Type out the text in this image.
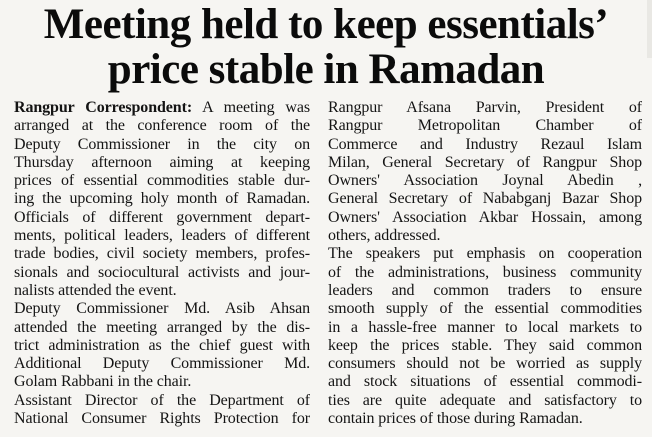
Meeting held to keep essentials’
price stable in Ramadan
Rangpur Correspondent: A meeting was
arranged at the conference room of the
Deputy Commissioner in the city on
Thursday afternoon aiming at keeping
prices of essential commodities stable dur-
ing the upcoming holy month of Ramadan.
Officials of different government depart-
ments, political leaders, leaders of different
trade bodies, civil society members, profes-
sionals and sociocultural activists and jour-
nalists attended the event.
Deputy Commissioner Md. Asib Ahsan
attended the meeting arranged by the dis-
trict administration as the chief guest with
Additional Deputy Commissioner Md.
Golam Rabbani in the chair.
Assistant Director of the Department of
National Consumer Rights Protection for
Rangpur Afsana Parvin, President of
Rangpur Metropolitan Chamber of
Commerce and Industry Rezaul Islam
Milan, General Secretary of Rangpur Shop
Owners' Association Joynal Abedin ,
General Secretary of Nababganj Bazar Shop
Owners' Association Akbar Hossain, among
others, addressed.
The speakers put emphasis on cooperation
of the administrations, business community
leaders and common traders to ensure
smooth supply of the essential commodities
in a hassle-free manner to local markets to
keep the prices stable. They said common
consumers should not be worried as supply
and stock situations of essential commodi-
ties are quite adequate and satisfactory to
contain prices of those during Ramadan.
